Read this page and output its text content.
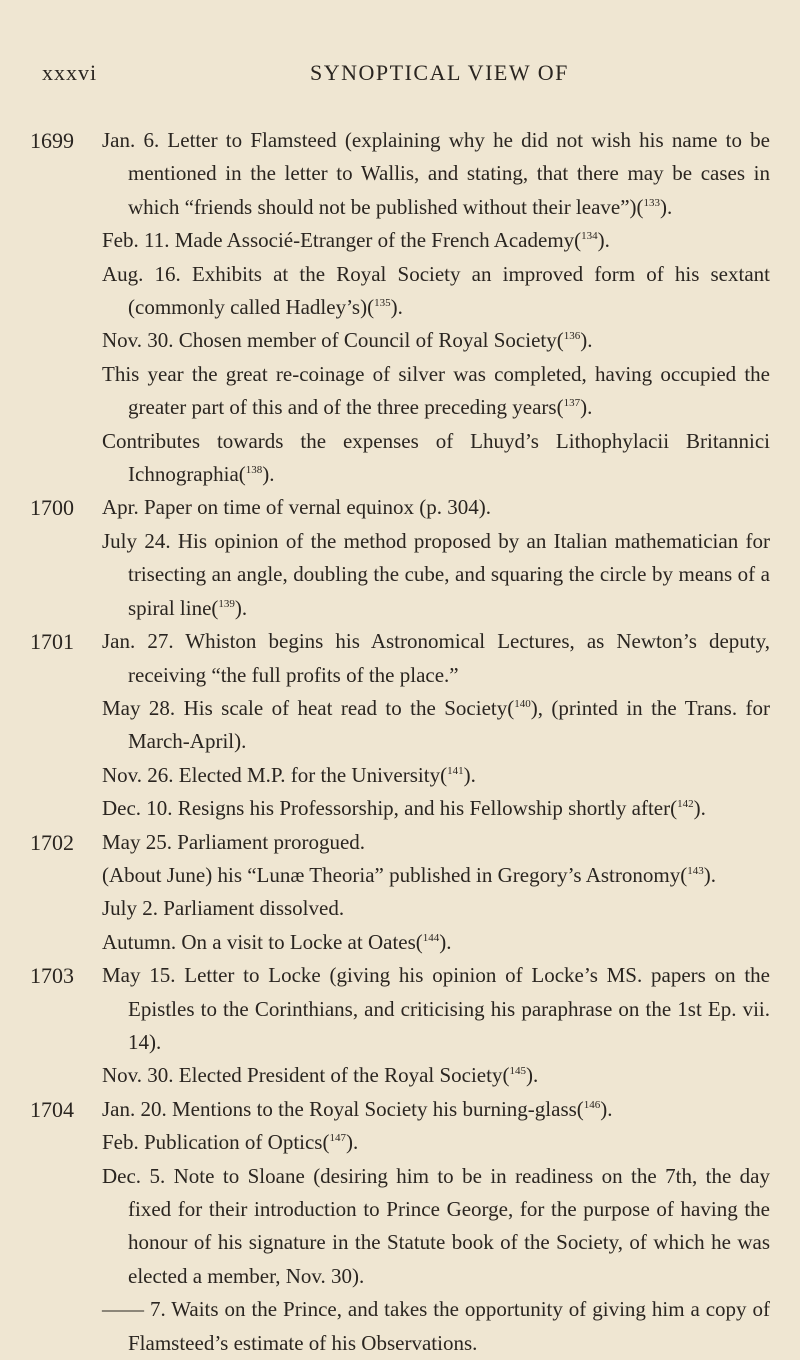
xxxvi	SYNOPTICAL VIEW OF
1699	Jan. 6. Letter to Flamsteed (explaining why he did not wish his name to be mentioned in the letter to Wallis, and stating, that there may be cases in which “friends should not be published without their leave”)($^{133}$).

Feb. 11. Made Associé-Etranger of the French Academy($^{134}$).

Aug. 16. Exhibits at the Royal Society an improved form of his sextant (commonly called Hadley’s)($^{135}$).

Nov. 30. Chosen member of Council of Royal Society($^{136}$).

This year the great re-coinage of silver was completed, having occupied the greater part of this and of the three preceding years($^{137}$).

Contributes towards the expenses of Lhuyd’s Lithophylacii Britannici Ichnographia($^{138}$).

1700	Apr. Paper on time of vernal equinox (p. 304).

July 24. His opinion of the method proposed by an Italian mathematician for trisecting an angle, doubling the cube, and squaring the circle by means of a spiral line($^{139}$).

1701	Jan. 27. Whiston begins his Astronomical Lectures, as Newton’s deputy, receiving “the full profits of the place.”

May 28. His scale of heat read to the Society($^{140}$), (printed in the Trans. for March-April).

Nov. 26. Elected M.P. for the University($^{141}$).

Dec. 10. Resigns his Professorship, and his Fellowship shortly after($^{142}$).

1702	May 25. Parliament prorogued.

(About June) his “Lunæ Theoria” published in Gregory’s Astronomy($^{143}$).

July 2. Parliament dissolved.

Autumn. On a visit to Locke at Oates($^{144}$).

1703	May 15. Letter to Locke (giving his opinion of Locke’s MS. papers on the Epistles to the Corinthians, and criticising his paraphrase on the 1st Ep. vii. 14).

Nov. 30. Elected President of the Royal Society($^{145}$).

1704	Jan. 20. Mentions to the Royal Society his burning-glass($^{146}$).

Feb. Publication of Optics($^{147}$).

Dec. 5. Note to Sloane (desiring him to be in readiness on the 7th, the day fixed for their introduction to Prince George, for the purpose of having the honour of his signature in the Statute book of the Society, of which he was elected a member, Nov. 30).

—— 7. Waits on the Prince, and takes the opportunity of giving him a copy of Flamsteed’s estimate of his Observations.
